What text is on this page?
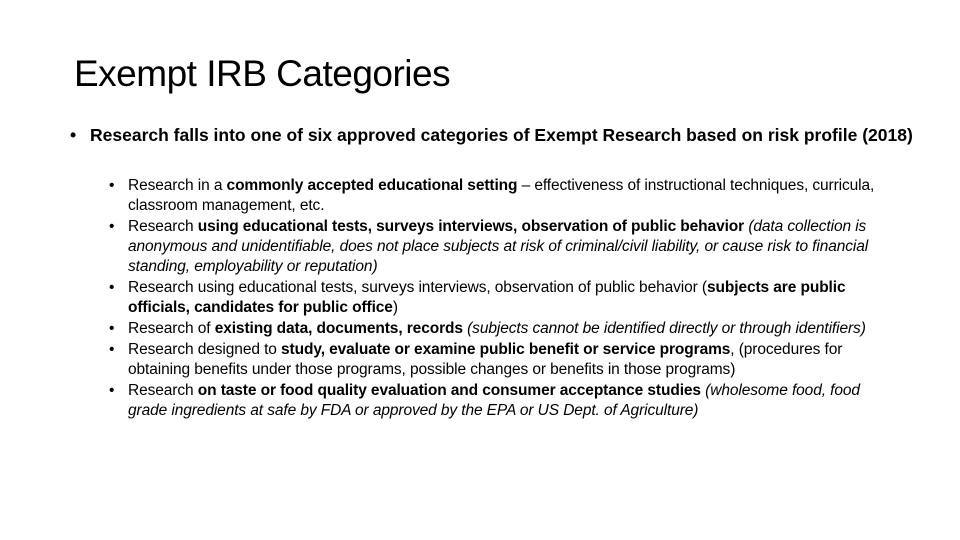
Exempt IRB Categories

• Research falls into one of six approved categories of Exempt Research based on risk profile (2018)

• Research in a commonly accepted educational setting – effectiveness of instructional techniques, curricula, classroom management, etc.
• Research using educational tests, surveys interviews, observation of public behavior (data collection is anonymous and unidentifiable, does not place subjects at risk of criminal/civil liability, or cause risk to financial standing, employability or reputation)
• Research using educational tests, surveys interviews, observation of public behavior (subjects are public officials, candidates for public office)
• Research of existing data, documents, records (subjects cannot be identified directly or through identifiers)
• Research designed to study, evaluate or examine public benefit or service programs, (procedures for obtaining benefits under those programs, possible changes or benefits in those programs)
• Research on taste or food quality evaluation and consumer acceptance studies (wholesome food, food grade ingredients at safe by FDA or approved by the EPA or US Dept. of Agriculture)
